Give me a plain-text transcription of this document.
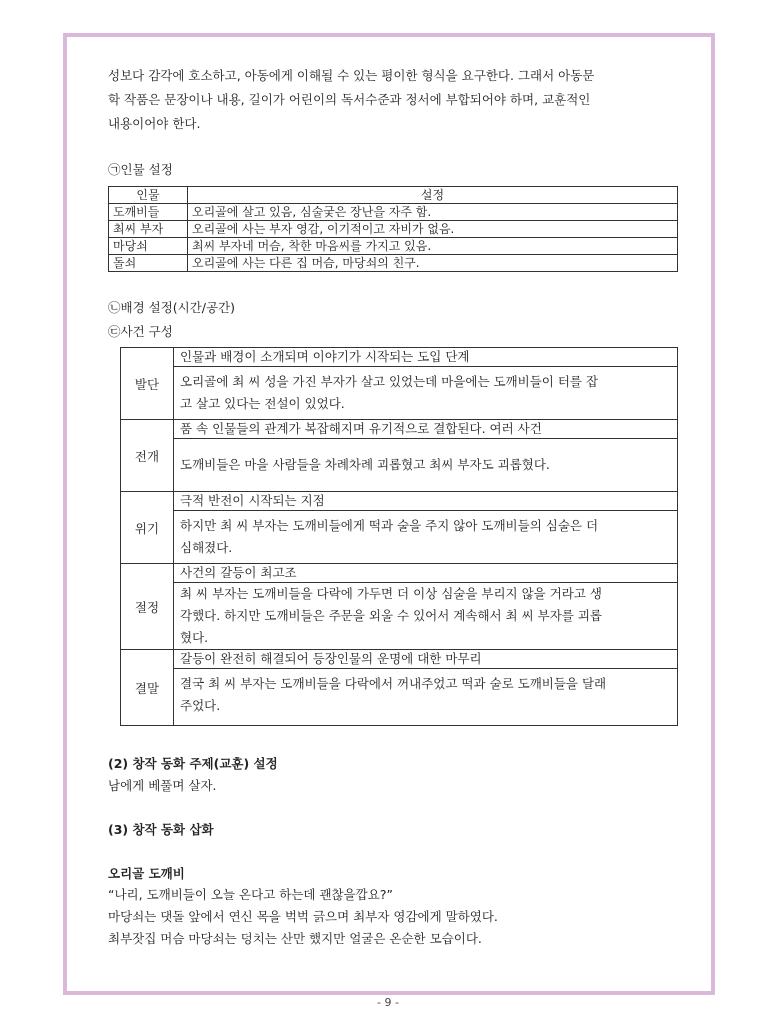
성보다 감각에 호소하고, 아동에게 이해될 수 있는 평이한 형식을 요구한다. 그래서 아동문

학 작품은 문장이나 내용, 길이가 어린이의 독서수준과 정서에 부합되어야 하며, 교훈적인

내용이어야 한다.

㉠인물 설정

인물	설정
도깨비들	오리골에 살고 있음, 심술궂은 장난을 자주 함.
최씨 부자	오리골에 사는 부자 영감, 이기적이고 자비가 없음.
마당쇠	최씨 부자네 머슴, 착한 마음씨를 가지고 있음.
돌쇠	오리골에 사는 다른 집 머슴, 마당쇠의 친구.

㉡배경 설정(시간/공간)

㉢사건 구성

발단	인물과 배경이 소개되며 이야기가 시작되는 도입 단계

	오리골에 최 씨 성을 가진 부자가 살고 있었는데 마을에는 도깨비들이 터를 잡
고 살고 있다는 전설이 있었다.

전개	품 속 인물들의 관계가 복잡해지며 유기적으로 결합된다. 여러 사건

	도깨비들은 마을 사람들을 차례차례 괴롭혔고 최씨 부자도 괴롭혔다.

위기	극적 반전이 시작되는 지점

	하지만 최 씨 부자는 도깨비들에게 떡과 술을 주지 않아 도깨비들의 심술은 더
심해졌다.

절정	사건의 갈등이 최고조

	최 씨 부자는 도깨비들을 다락에 가두면 더 이상 심술을 부리지 않을 거라고 생
각했다. 하지만 도깨비들은 주문을 외울 수 있어서 계속해서 최 씨 부자를 괴롭
혔다.

결말	갈등이 완전히 해결되어 등장인물의 운명에 대한 마무리

	결국 최 씨 부자는 도깨비들을 다락에서 꺼내주었고 떡과 술로 도깨비들을 달래
주었다.

(2) 창작 동화 주제(교훈) 설정

남에게 베풀며 살자.

(3) 창작 동화 삽화

오리골 도깨비

“나리, 도깨비들이 오늘 온다고 하는데 괜찮을깝요?”

마당쇠는 댓돌 앞에서 연신 목을 벅벅 긁으며 최부자 영감에게 말하였다.

최부잣집 머슴 마당쇠는 덩치는 산만 했지만 얼굴은 온순한 모습이다.

- 9 -
